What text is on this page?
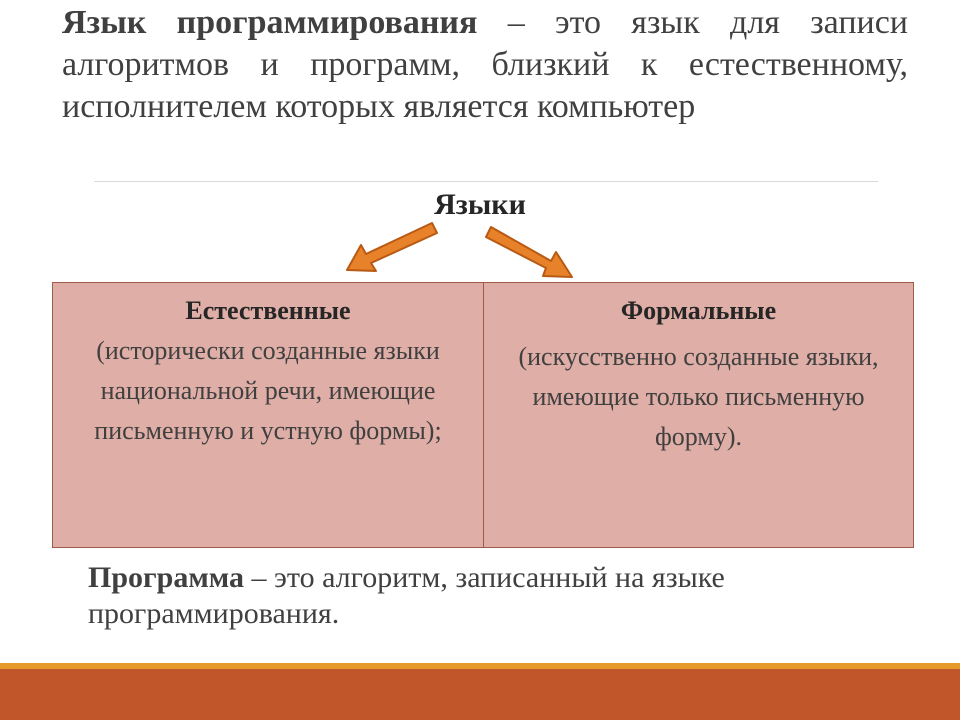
Язык программирования – это язык для записи алгоритмов и программ, близкий к естественному, исполнителем которых является компьютер

Языки
Естественные
(исторически созданные языки национальной речи, имеющие письменную и устную формы);
Формальные
(искусственно созданные языки, имеющие только письменную форму).

Программа – это алгоритм, записанный на языке программирования.
